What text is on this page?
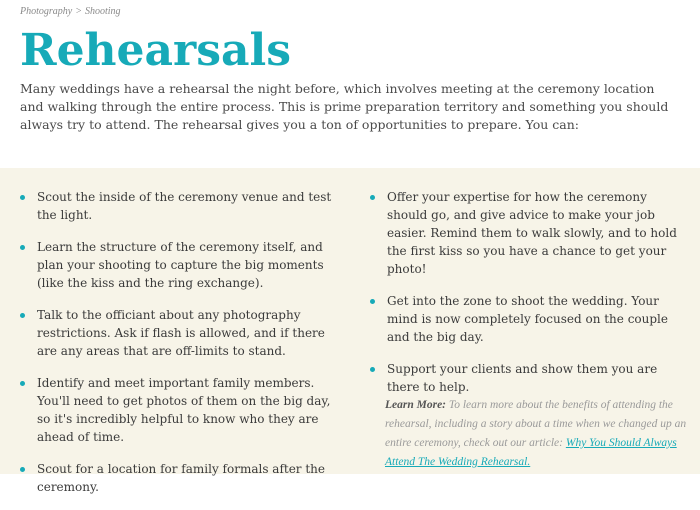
Photography > Shooting
Rehearsals

Many weddings have a rehearsal the night before, which involves meeting at the ceremony location and walking through the entire process. This is prime preparation territory and something you should always try to attend. The rehearsal gives you a ton of opportunities to prepare. You can:

Scout the inside of the ceremony venue and test the light.
Learn the structure of the ceremony itself, and plan your shooting to capture the big moments (like the kiss and the ring exchange).
Talk to the officiant about any photography restrictions. Ask if flash is allowed, and if there are any areas that are off-limits to stand.
Identify and meet important family members. You'll need to get photos of them on the big day, so it's incredibly helpful to know who they are ahead of time.
Scout for a location for family formals after the ceremony.
Offer your expertise for how the ceremony should go, and give advice to make your job easier. Remind them to walk slowly, and to hold the first kiss so you have a chance to get your photo!
Get into the zone to shoot the wedding. Your mind is now completely focused on the couple and the big day.
Support your clients and show them you are there to help.
Learn More: To learn more about the benefits of attending the rehearsal, including a story about a time when we changed up an entire ceremony, check out our article: Why You Should Always Attend The Wedding Rehearsal.
